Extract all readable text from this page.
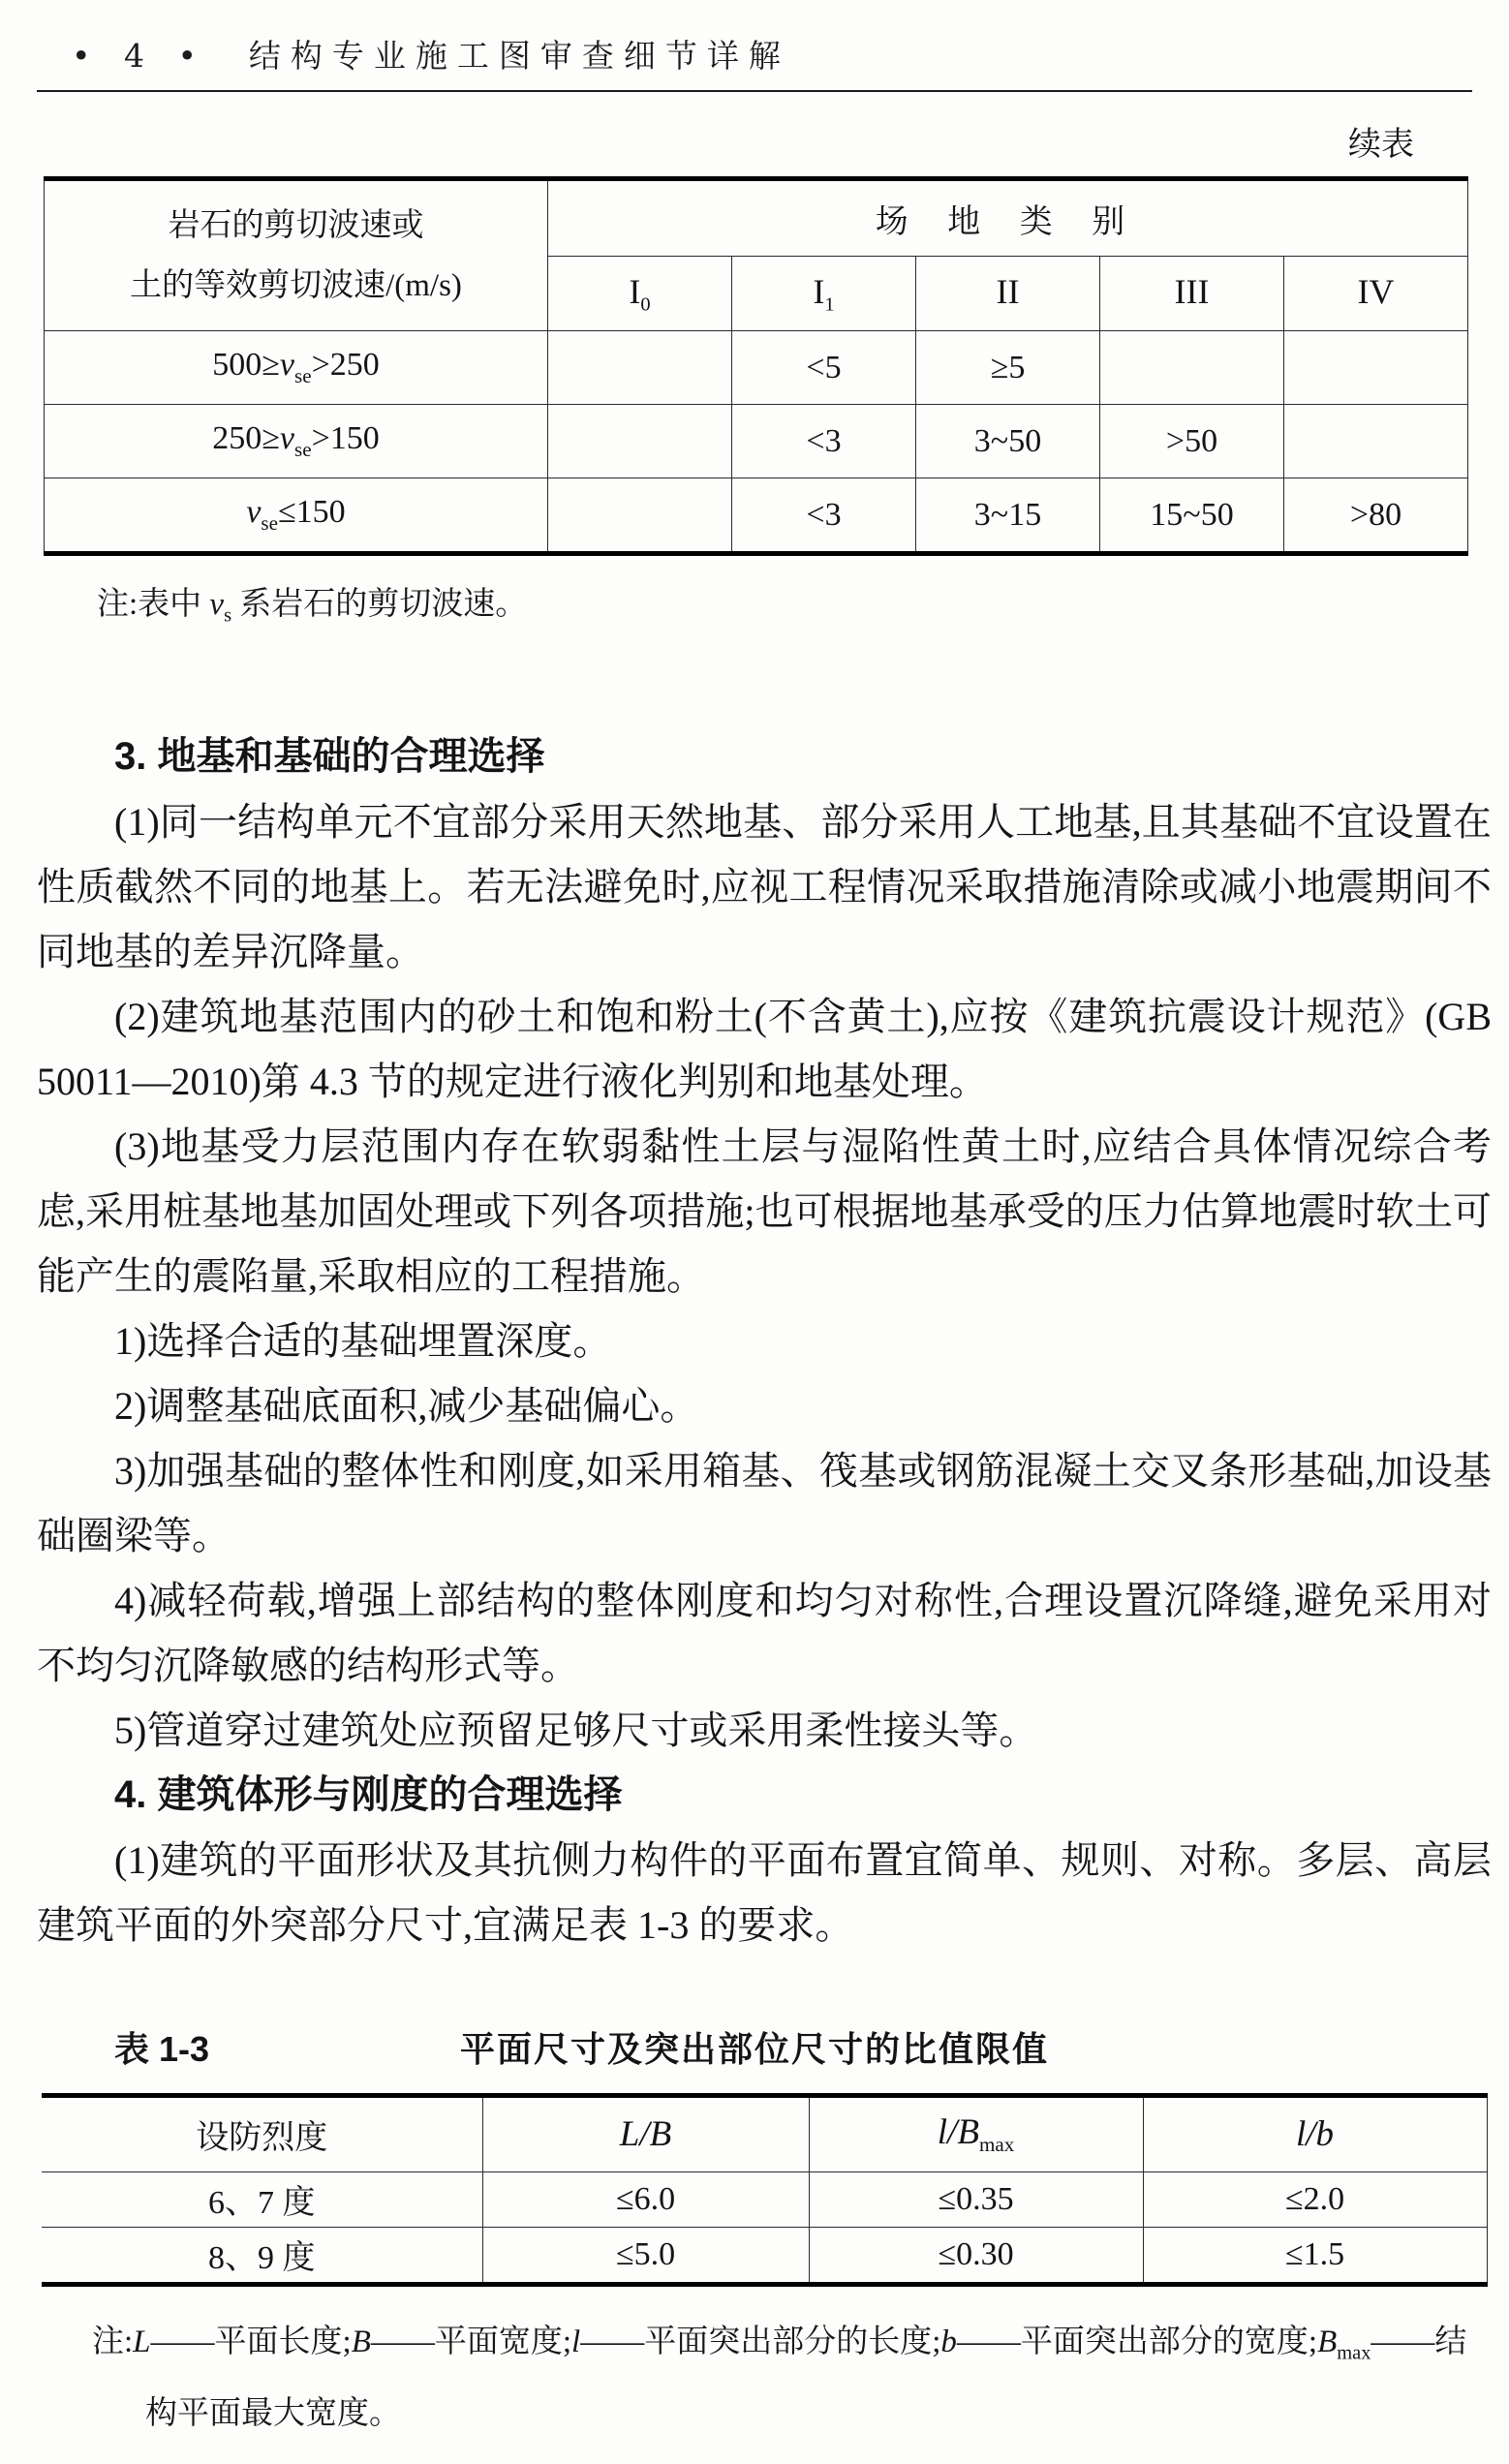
• 4 • 结构专业施工图审查细节详解
续表
岩石的剪切波速或
土的等效剪切波速/(m/s)	场 地 类 别				
	$I_0$	$I_1$	II	III	IV
$500\ge v_{se}>250$		<5	≥5		
$250\ge v_{se}>150$		<3	3~50	>50	
$v_{se}\le 150$		<3	3~15	15~50	>80
注:表中 $v_s$ 系岩石的剪切波速。

3. 地基和基础的合理选择

(1)同一结构单元不宜部分采用天然地基、部分采用人工地基,且其基础不宜设置在性质截然不同的地基上。若无法避免时,应视工程情况采取措施清除或减小地震期间不同地基的差异沉降量。

(2)建筑地基范围内的砂土和饱和粉土(不含黄土),应按《建筑抗震设计规范》(GB 50011—2010)第 4.3 节的规定进行液化判别和地基处理。

(3)地基受力层范围内存在软弱黏性土层与湿陷性黄土时,应结合具体情况综合考虑,采用桩基地基加固处理或下列各项措施;也可根据地基承受的压力估算地震时软土可能产生的震陷量,采取相应的工程措施。

1)选择合适的基础埋置深度。

2)调整基础底面积,减少基础偏心。

3)加强基础的整体性和刚度,如采用箱基、筏基或钢筋混凝土交叉条形基础,加设基础圈梁等。

4)减轻荷载,增强上部结构的整体刚度和均匀对称性,合理设置沉降缝,避免采用对不均匀沉降敏感的结构形式等。

5)管道穿过建筑处应预留足够尺寸或采用柔性接头等。

4. 建筑体形与刚度的合理选择

(1)建筑的平面形状及其抗侧力构件的平面布置宜简单、规则、对称。多层、高层建筑平面的外突部分尺寸,宜满足表 1-3 的要求。

表 1-3	平面尺寸及突出部位尺寸的比值限值
设防烈度	L/B	$l/B_{max}$	l/b
6、7 度	≤6.0	≤0.35	≤2.0
8、9 度	≤5.0	≤0.30	≤1.5
注:L——平面长度;B——平面宽度;l——平面突出部分的长度;b——平面突出部分的宽度$;B_{max}——$结构平面最大宽度。
